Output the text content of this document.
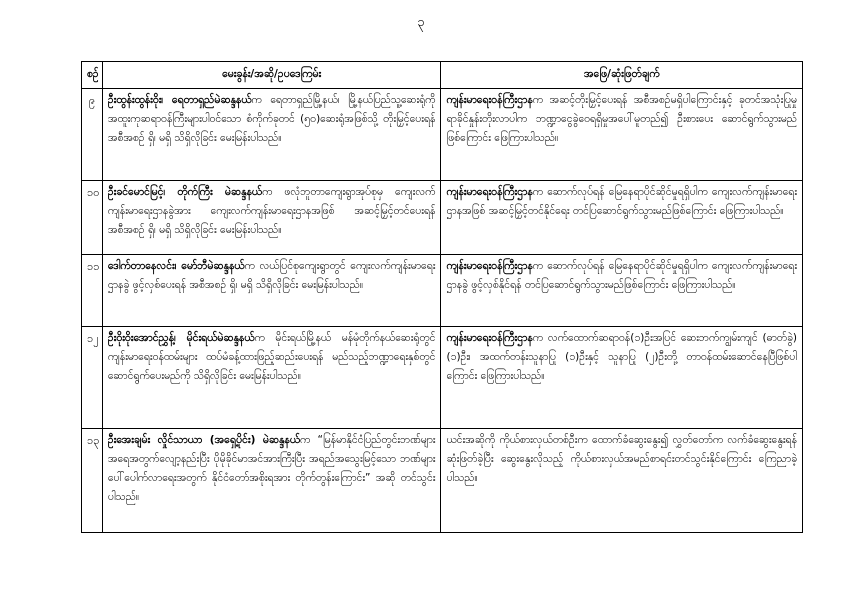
၃
စဉ်	မေးခွန်း/အဆို/ဥပဒေကြမ်း	အဖြေ/ဆုံးဖြတ်ချက်
၉	ဦးထွန်းထွန်းဝိုး၊ ရေတာရှည်မဲဆန္ဒနယ်က ရေတာရှည်မြို့နယ်၊ မြို့နယ်ပြည်သူ့ဆေးရုံကို အထူးကုဆရာဝန်ကြီးများပါဝင်သော စံကိုက်ခုတင် (၅၀)ဆေးရုံအဖြစ်သို့ တိုးမြှင့်ပေးရန် အစီအစဉ် ရှိ၊ မရှိ သိရှိလိုခြင်း မေးမြန်းပါသည်။	ကျန်းမာရေးဝန်ကြီးဌာနက အဆင့်တိုးမြှင့်ပေးရန် အစီအစဉ်မရှိပါကြောင်းနှင့် ခုတင်အသုံးပြုမှု ရာခိုင်နှုန်းတိုးလာပါက ဘဏ္ဍာငွေခွဲဝေရရှိမှုအပေါ်မူတည်၍ ဦးစားပေး ဆောင်ရွက်သွားမည်ဖြစ်ကြောင်း ဖြေကြားပါသည်။
၁၀	ဦးခင်မောင်မြင့်၊ တိုက်ကြီး မဲဆန္ဒနယ်က ဖလုံဘူတာကျေးရွာအုပ်စုမှ ကျေးလက်ကျန်းမာရေးဌာနခွဲအား ကျေးလက်ကျန်းမာရေးဌာနအဖြစ် အဆင့်မြှင့်တင်ပေးရန် အစီအစဉ် ရှိ၊ မရှိ သိရှိလိုခြင်း မေးမြန်းပါသည်။	ကျန်းမာရေးဝန်ကြီးဌာနက ဆောက်လုပ်ရန် မြေနေရာပိုင်ဆိုင်မှုရရှိပါက ကျေးလက်ကျန်းမာရေးဌာနအဖြစ် အဆင့်မြှင့်တင်နိုင်ရေး တင်ပြဆောင်ရွက်သွားမည်ဖြစ်ကြောင်း ဖြေကြားပါသည်။
၁၁	ဒေါက်တာနေလင်း၊ မော်ဘီမဲဆန္ဒနယ်က လယ်ပြင်စုကျေးရွာတွင် ကျေးလက်ကျန်းမာရေးဌာနခွဲ ဖွင့်လှစ်ပေးရန် အစီအစဉ် ရှိ၊ မရှိ သိရှိလိုခြင်း မေးမြန်းပါသည်။	ကျန်းမာရေးဝန်ကြီးဌာနက ဆောက်လုပ်ရန် မြေနေရာပိုင်ဆိုင်မှုရရှိပါက ကျေးလက်ကျန်းမာရေးဌာနခွဲ ဖွင့်လှစ်နိုင်ရန် တင်ပြဆောင်ရွက်သွားမည်ဖြစ်ကြောင်း ဖြေကြားပါသည်။
၁၂	ဦးဝိုးဝိုးအောင်ညွှန့်၊ မိုင်းရယ်မဲဆန္ဒနယ်က မိုင်းရယ်မြို့နယ် မန်မုံတိုက်နယ်ဆေးရုံတွင် ကျန်းမာရေးဝန်ထမ်းများ ထပ်မံခန့်ထားဖြည့်ဆည်းပေးရန် မည်သည့်ဘဏ္ဍာရေးနှစ်တွင် ဆောင်ရွက်ပေးမည်ကို သိရှိလိုခြင်း မေးမြန်းပါသည်။	ကျန်းမာရေးဝန်ကြီးဌာနက လက်ထောက်ဆရာဝန်(၁)ဦးအပြင် ဆေးဘက်ကျွမ်းကျင် (ဓာတ်ခွဲ) (၁)ဦး၊ အထက်တန်းသူနာပြု (၁)ဦးနှင့် သူနာပြု (၂)ဦးတို့ တာဝန်ထမ်းဆောင်နေပြီဖြစ်ပါကြောင်း ဖြေကြားပါသည်။
၁၃	ဦးအေးချမ်း လှိုင်သာယာ (အရှေ့ပိုင်း) မဲဆန္ဒနယ်က “မြန်မာနိုင်ငံပြည်တွင်းဘဏ်များ အရေအတွက်လျော့နည်းပြီး ပိုမိုခိုင်မာအင်အားကြီးပြီး အရည်အသွေးမြင့်သော ဘဏ်များပေါ်ပေါက်လာရေးအတွက် နိုင်ငံတော်အစိုးရအား တိုက်တွန်းကြောင်း” အဆို တင်သွင်းပါသည်။	ယင်းအဆိုကို ကိုယ်စားလှယ်တစ်ဦးက ထောက်ခံဆွေးနွေး၍ လွှတ်တော်က လက်ခံဆွေးနွေးရန် ဆုံးဖြတ်ခဲ့ပြီး ဆွေးနွေးလိုသည့် ကိုယ်စားလှယ်အမည်စာရင်းတင်သွင်းနိုင်ကြောင်း ကြေညာခဲ့ပါသည်။
